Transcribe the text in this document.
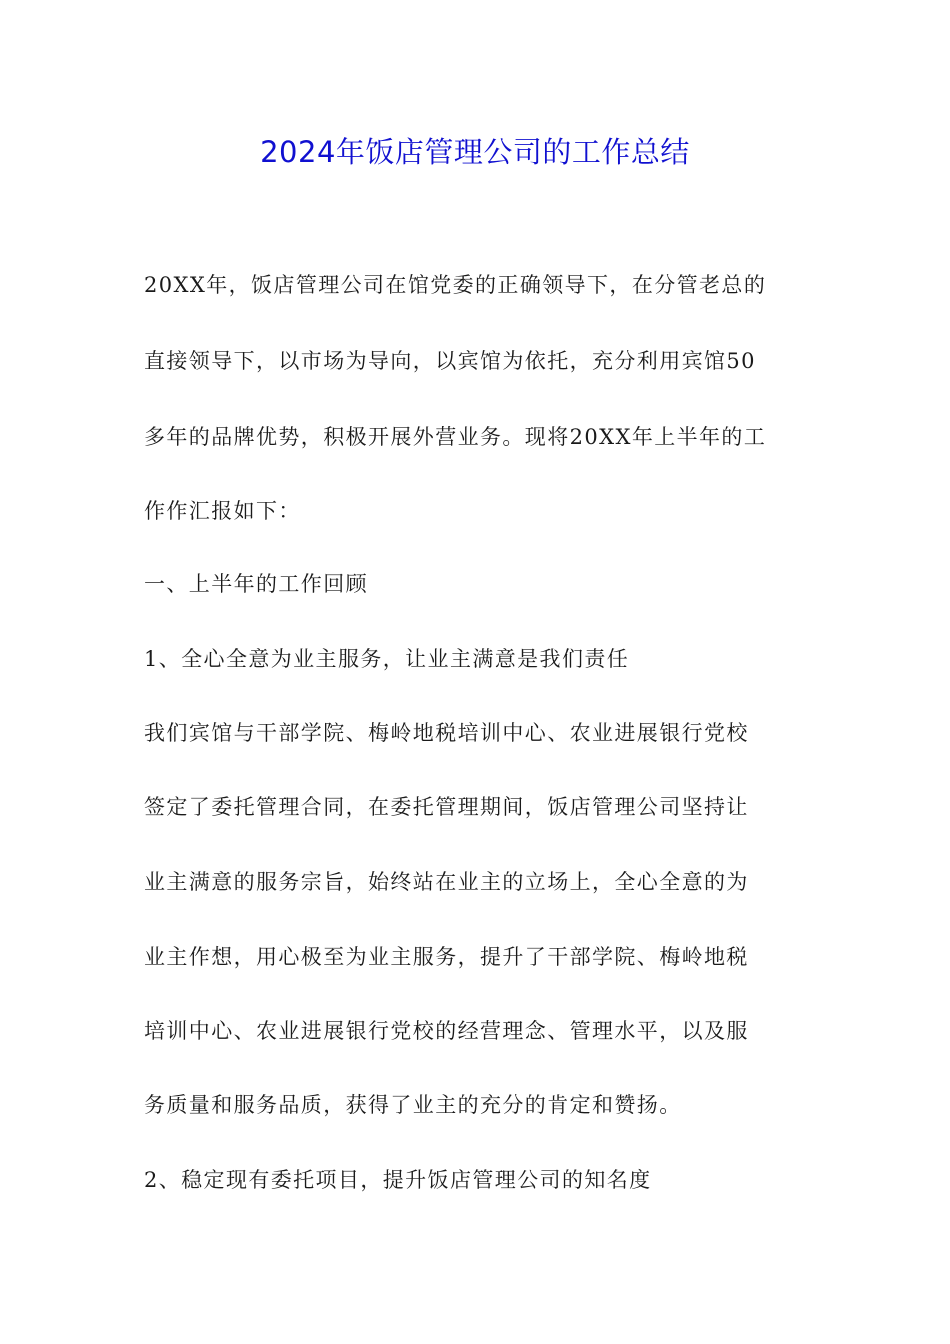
2024年饭店管理公司的工作总结
20XX年，饭店管理公司在馆党委的正确领导下，在分管老总的
直接领导下，以市场为导向，以宾馆为依托，充分利用宾馆50
多年的品牌优势，积极开展外营业务。现将20XX年上半年的工
作作汇报如下：
一、上半年的工作回顾
1、全心全意为业主服务，让业主满意是我们责任
我们宾馆与干部学院、梅岭地税培训中心、农业进展银行党校
签定了委托管理合同，在委托管理期间，饭店管理公司坚持让
业主满意的服务宗旨，始终站在业主的立场上，全心全意的为
业主作想，用心极至为业主服务，提升了干部学院、梅岭地税
培训中心、农业进展银行党校的经营理念、管理水平，以及服
务质量和服务品质，获得了业主的充分的肯定和赞扬。
2、稳定现有委托项目，提升饭店管理公司的知名度
